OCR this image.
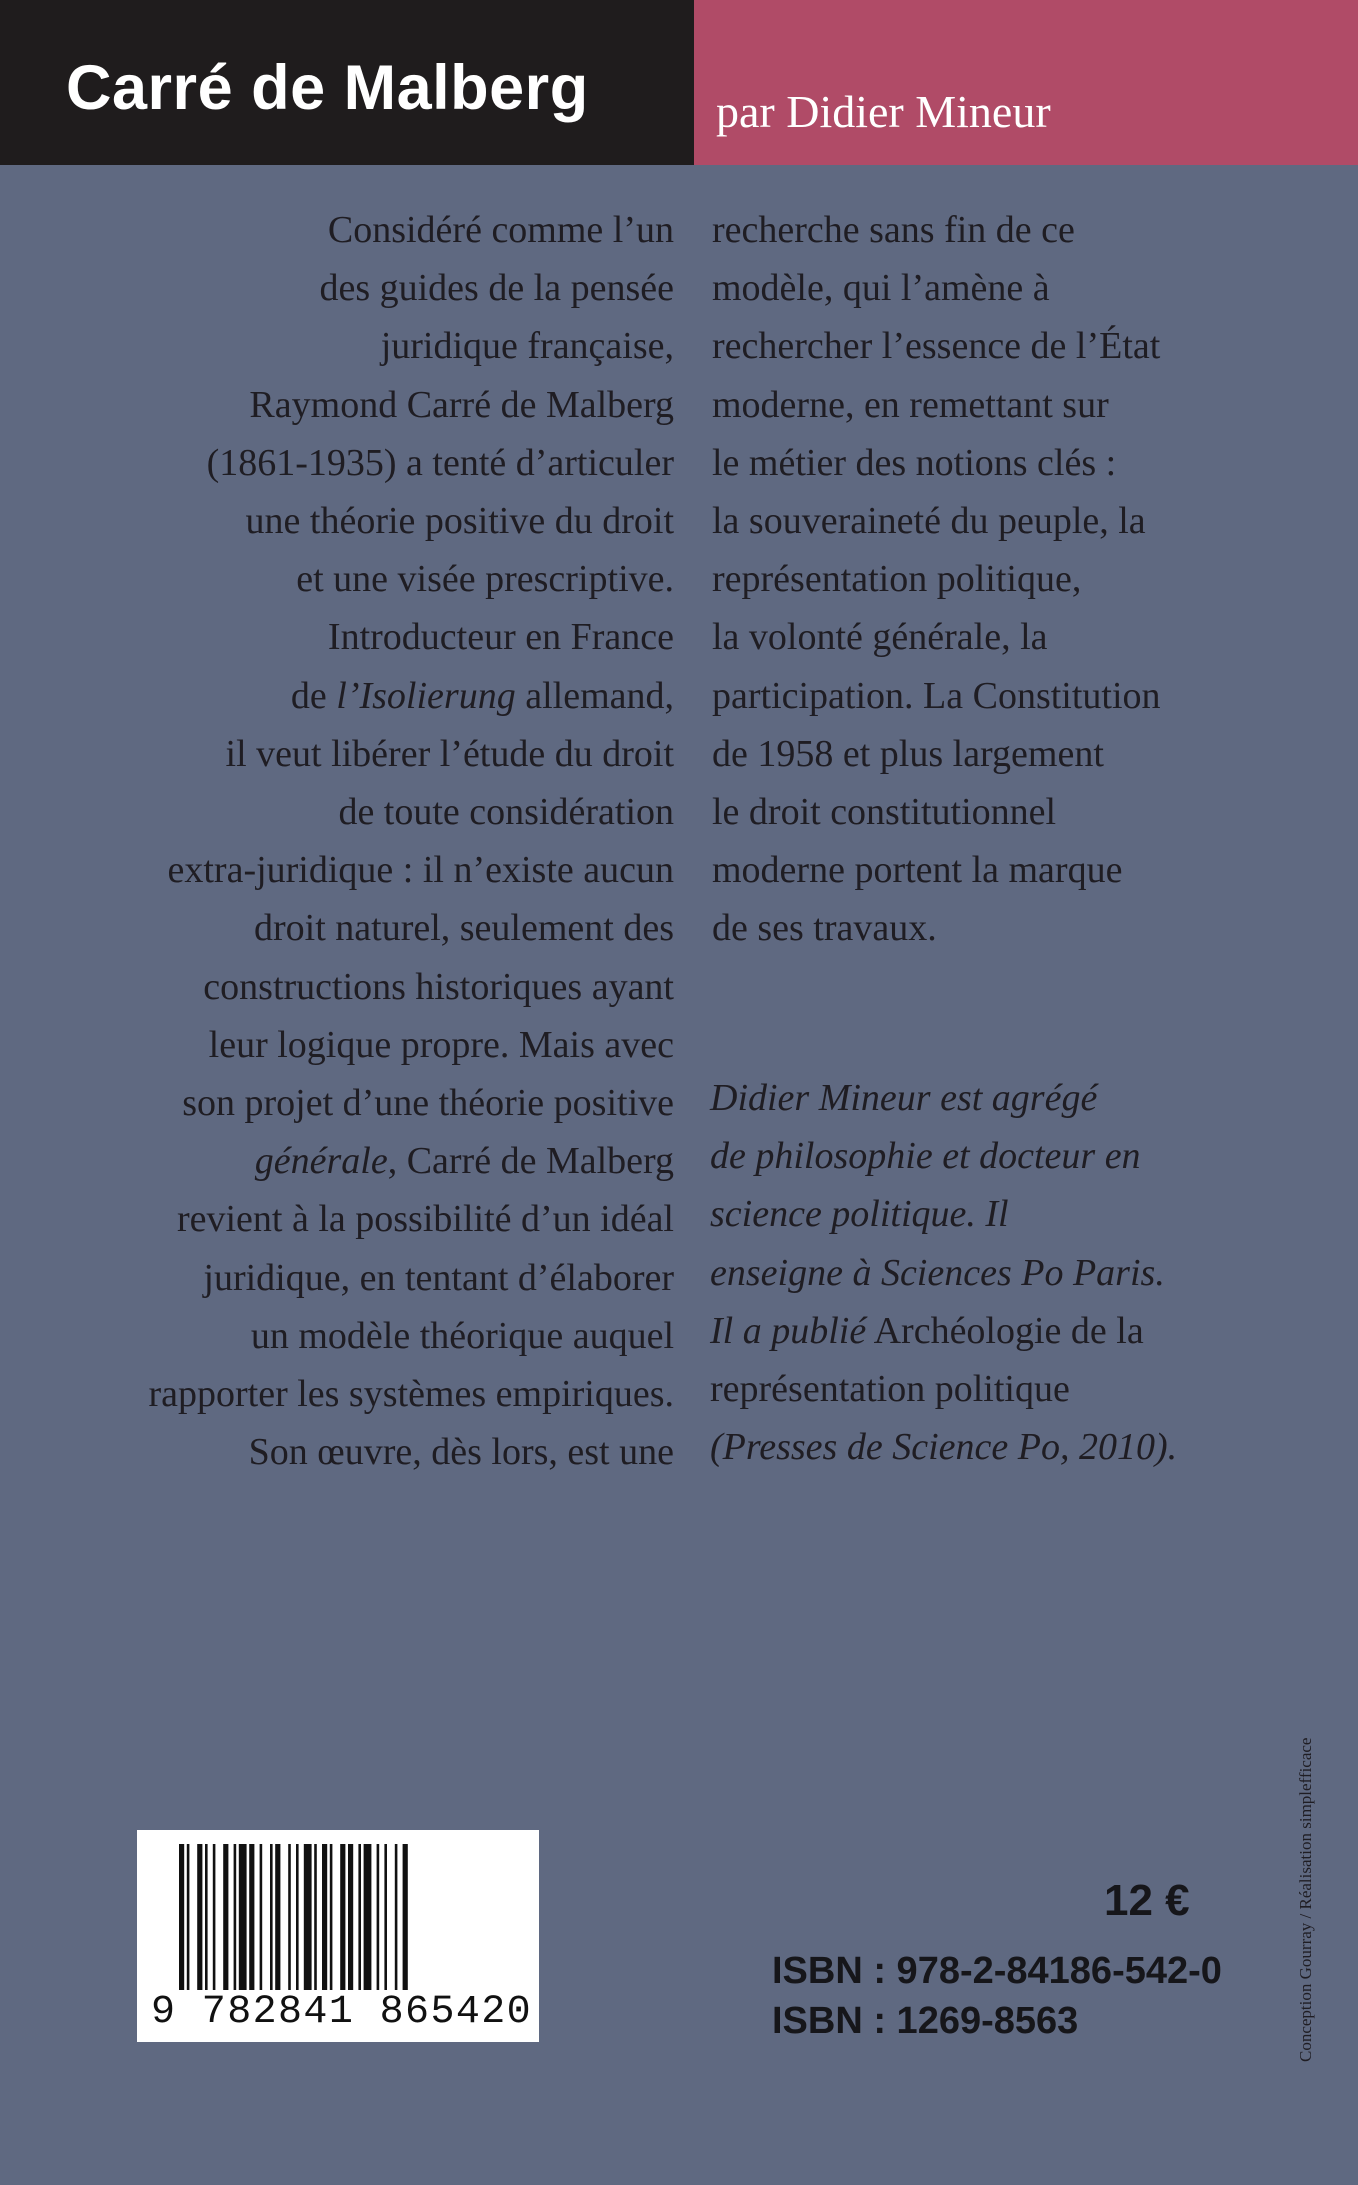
Carré de Malberg	par Didier Mineur
Considéré comme l’un
des guides de la pensée
juridique française,
Raymond Carré de Malberg
(1861-1935) a tenté d’articuler
une théorie positive du droit
et une visée prescriptive.
Introducteur en France
de l’Isolierung allemand,
il veut libérer l’étude du droit
de toute considération
extra-juridique : il n’existe aucun
droit naturel, seulement des
constructions historiques ayant
leur logique propre. Mais avec
son projet d’une théorie positive
générale, Carré de Malberg
revient à la possibilité d’un idéal
juridique, en tentant d’élaborer
un modèle théorique auquel
rapporter les systèmes empiriques.
Son œuvre, dès lors, est une
recherche sans fin de ce
modèle, qui l’amène à
rechercher l’essence de l’État
moderne, en remettant sur
le métier des notions clés :
la souveraineté du peuple, la
représentation politique,
la volonté générale, la
participation. La Constitution
de 1958 et plus largement
le droit constitutionnel
moderne portent la marque
de ses travaux.
Didier Mineur est agrégé
de philosophie et docteur en
science politique. Il
enseigne à Sciences Po Paris.
Il a publié Archéologie de la
représentation politique
(Presses de Science Po, 2010).
9 782841 865420
12 €
ISBN : 978-2-84186-542-0
ISBN : 1269-8563	Conception Gourray / Réalisation simplefficace
